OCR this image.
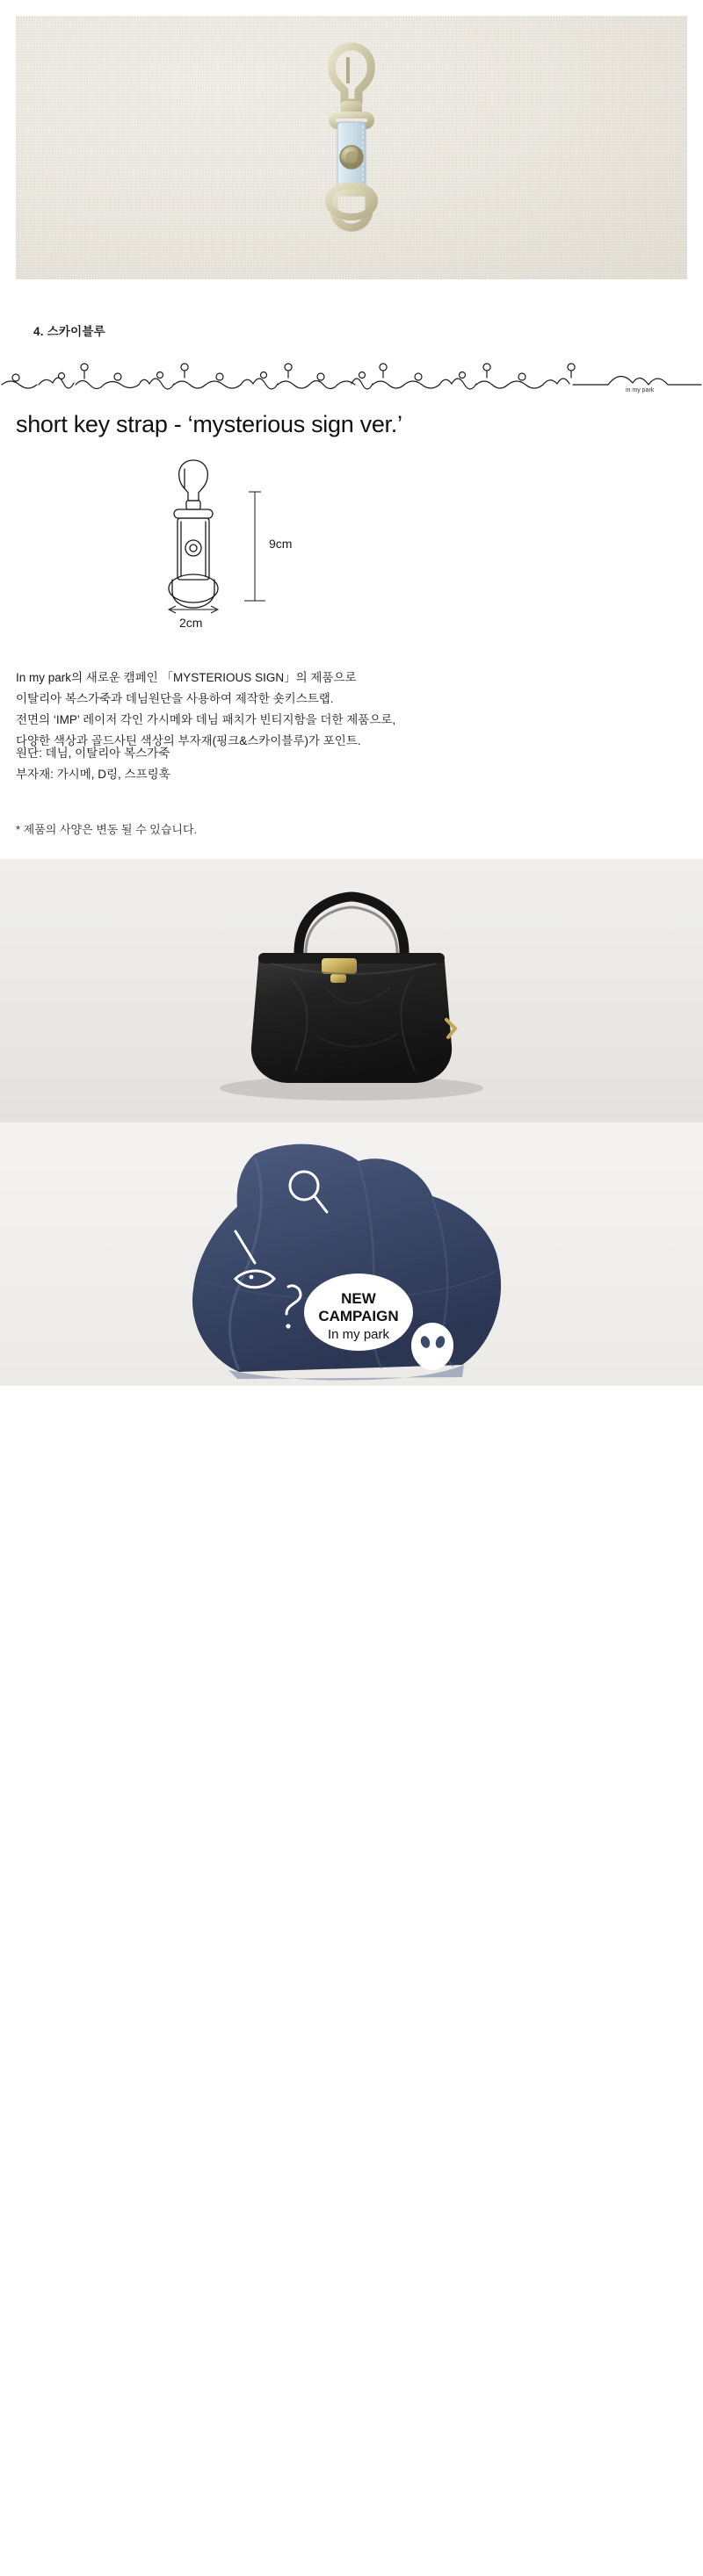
4. 스카이블루
in my park
short key strap - ‘mysterious sign ver.’
9cm
2cm

In my park의 새로운 캠페인 「MYSTERIOUS SIGN」의 제품으로

이탈리아 복스가죽과 데님원단을 사용하여 제작한 숏키스트랩.

전면의 ‘IMP’ 레이저 각인 가시메와 데님 패치가 빈티지함을 더한 제품으로,

다양한 색상과 골드사틴 색상의 부자재(핑크&스카이블루)가 포인트.

원단: 데님, 이탈리아 복스가죽

부자재: 가시메, D링, 스프링훅

* 제품의 사양은 변동 될 수 있습니다.
NEW
CAMPAIGN
In my park
